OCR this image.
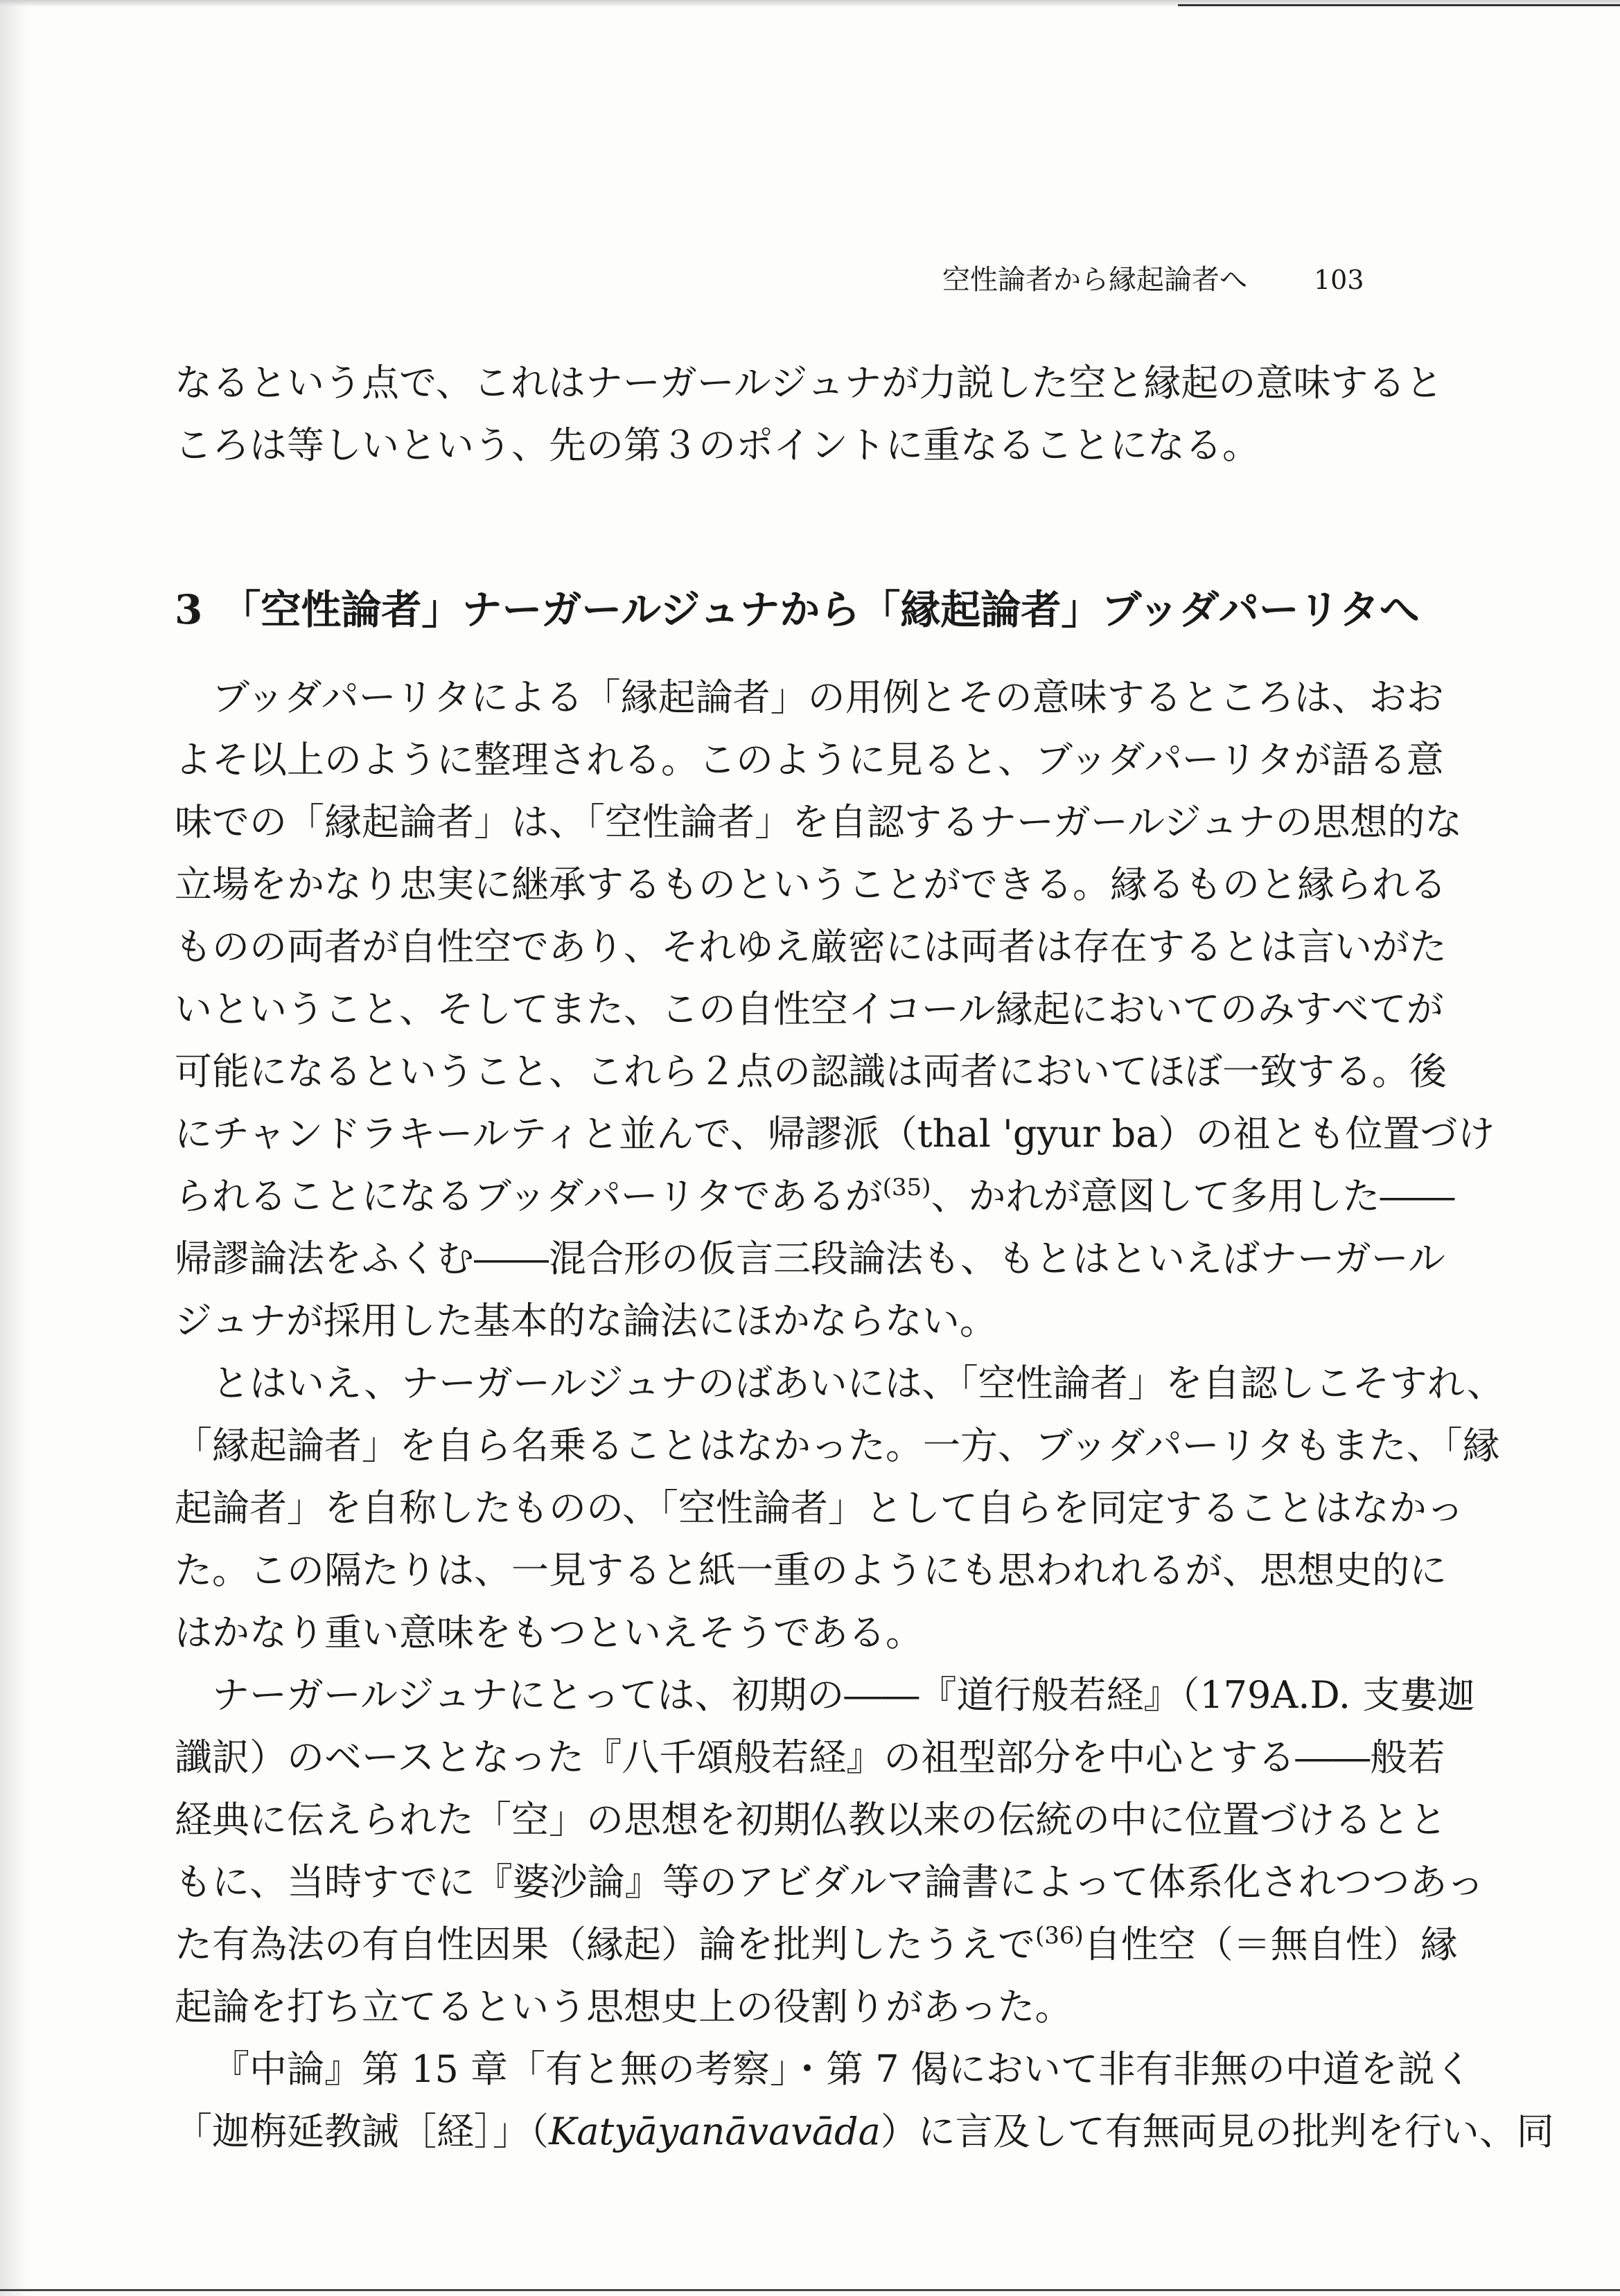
空性論者から縁起論者へ	103
なるという点で、これはナーガールジュナが力説した空と縁起の意味すると
ころは等しいという、先の第３のポイントに重なることになる。
3 「空性論者」ナーガールジュナから「縁起論者」ブッダパーリタへ
ブッダパーリタによる「縁起論者」の用例とその意味するところは、おお
よそ以上のように整理される。このように見ると、ブッダパーリタが語る意
味での「縁起論者」は、「空性論者」を自認するナーガールジュナの思想的な
立場をかなり忠実に継承するものということができる。縁るものと縁られる
ものの両者が自性空であり、それゆえ厳密には両者は存在するとは言いがた
いということ、そしてまた、この自性空イコール縁起においてのみすべてが
可能になるということ、これら２点の認識は両者においてほぼ一致する。後
にチャンドラキールティと並んで、帰謬派（thal 'gyur ba）の祖とも位置づけ
られることになるブッダパーリタであるが$^{(35)}$、かれが意図して多用した――
帰謬論法をふくむ――混合形の仮言三段論法も、もとはといえばナーガール
ジュナが採用した基本的な論法にほかならない。
とはいえ、ナーガールジュナのばあいには、「空性論者」を自認しこそすれ、
「縁起論者」を自ら名乗ることはなかった。一方、ブッダパーリタもまた、「縁
起論者」を自称したものの、「空性論者」として自らを同定することはなかっ
た。この隔たりは、一見すると紙一重のようにも思われれるが、思想史的に
はかなり重い意味をもつといえそうである。
ナーガールジュナにとっては、初期の――『道行般若経』（179A.D. 支婁迦
讖訳）のベースとなった『八千頌般若経』の祖型部分を中心とする――般若
経典に伝えられた「空」の思想を初期仏教以来の伝統の中に位置づけるとと
もに、当時すでに『婆沙論』等のアビダルマ論書によって体系化されつつあっ
た有為法の有自性因果（縁起）論を批判したうえで$^{(36)}$自性空（＝無自性）縁
起論を打ち立てるという思想史上の役割りがあった。
『中論』第 15 章「有と無の考察」・第 7 偈において非有非無の中道を説く
「迦栴延教誡［経］」（Katyāyanāvavāda）に言及して有無両見の批判を行い、同
